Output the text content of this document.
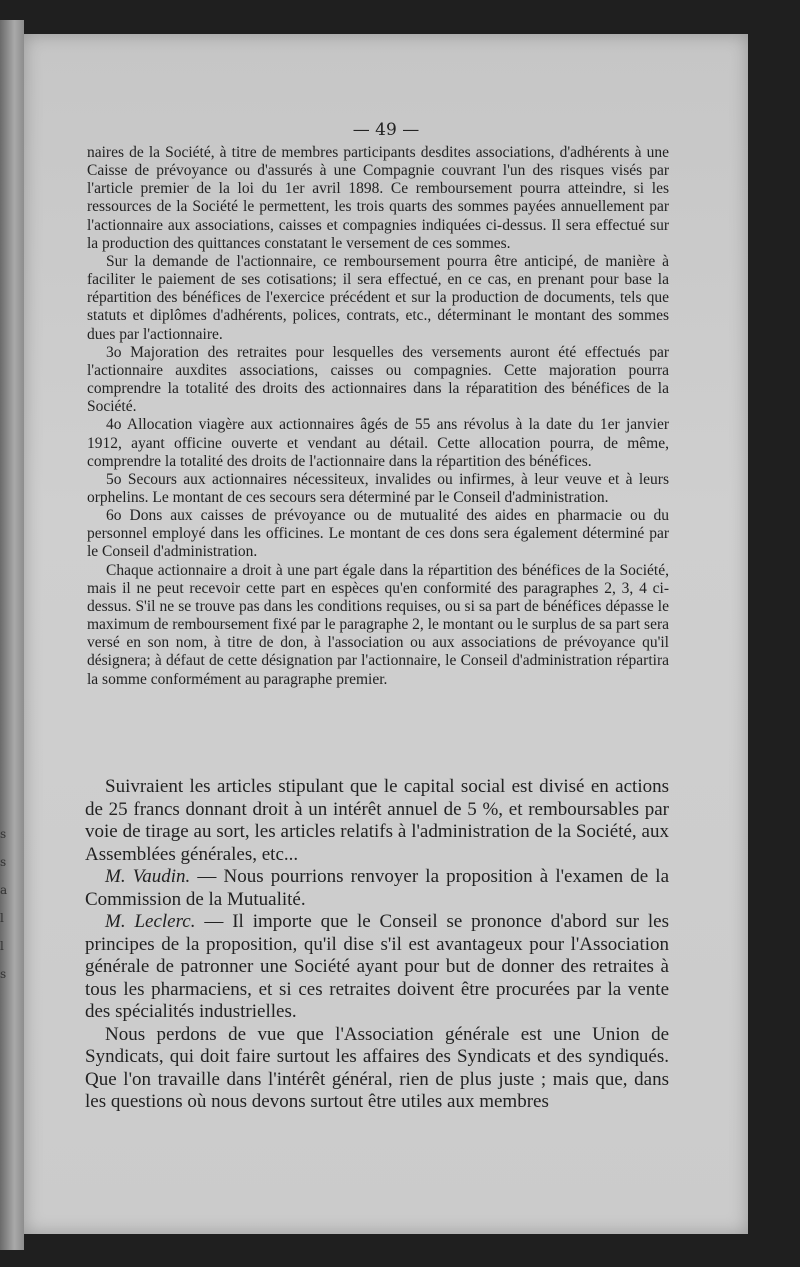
s
s
a
l
l
s
— 49 —

naires de la Société, à titre de membres participants desdites associations, d'adhérents à une Caisse de prévoyance ou d'assurés à une Compagnie couvrant l'un des risques visés par l'article premier de la loi du 1er avril 1898. Ce remboursement pourra atteindre, si les ressources de la Société le permettent, les trois quarts des sommes payées annuellement par l'actionnaire aux associations, caisses et compagnies indiquées ci-dessus. Il sera effectué sur la production des quittances constatant le versement de ces sommes.

Sur la demande de l'actionnaire, ce remboursement pourra être anticipé, de manière à faciliter le paiement de ses cotisations; il sera effectué, en ce cas, en prenant pour base la répartition des bénéfices de l'exercice précédent et sur la production de documents, tels que statuts et diplômes d'adhérents, polices, contrats, etc., déterminant le montant des sommes dues par l'actionnaire.

3o Majoration des retraites pour lesquelles des versements auront été effectués par l'actionnaire auxdites associations, caisses ou compagnies. Cette majoration pourra comprendre la totalité des droits des actionnaires dans la réparatition des bénéfices de la Société.

4o Allocation viagère aux actionnaires âgés de 55 ans révolus à la date du 1er janvier 1912, ayant officine ouverte et vendant au détail. Cette allocation pourra, de même, comprendre la totalité des droits de l'actionnaire dans la répartition des bénéfices.

5o Secours aux actionnaires nécessiteux, invalides ou infirmes, à leur veuve et à leurs orphelins. Le montant de ces secours sera déterminé par le Conseil d'administration.

6o Dons aux caisses de prévoyance ou de mutualité des aides en pharmacie ou du personnel employé dans les officines. Le montant de ces dons sera également déterminé par le Conseil d'administration.

Chaque actionnaire a droit à une part égale dans la répartition des bénéfices de la Société, mais il ne peut recevoir cette part en espèces qu'en conformité des paragraphes 2, 3, 4 ci-dessus. S'il ne se trouve pas dans les conditions requises, ou si sa part de bénéfices dépasse le maximum de remboursement fixé par le paragraphe 2, le montant ou le surplus de sa part sera versé en son nom, à titre de don, à l'association ou aux associations de prévoyance qu'il désignera; à défaut de cette désignation par l'actionnaire, le Conseil d'administration répartira la somme conformément au paragraphe premier.

Suivraient les articles stipulant que le capital social est divisé en actions de 25 francs donnant droit à un intérêt annuel de 5 %, et remboursables par voie de tirage au sort, les articles relatifs à l'administration de la Société, aux Assemblées générales, etc...

M. Vaudin. — Nous pourrions renvoyer la proposition à l'examen de la Commission de la Mutualité.

M. Leclerc. — Il importe que le Conseil se prononce d'abord sur les principes de la proposition, qu'il dise s'il est avantageux pour l'Association générale de patronner une Société ayant pour but de donner des retraites à tous les pharmaciens, et si ces retraites doivent être procurées par la vente des spécialités industrielles.

Nous perdons de vue que l'Association générale est une Union de Syndicats, qui doit faire surtout les affaires des Syndicats et des syndiqués. Que l'on travaille dans l'intérêt général, rien de plus juste ; mais que, dans les questions où nous devons surtout être utiles aux membres
